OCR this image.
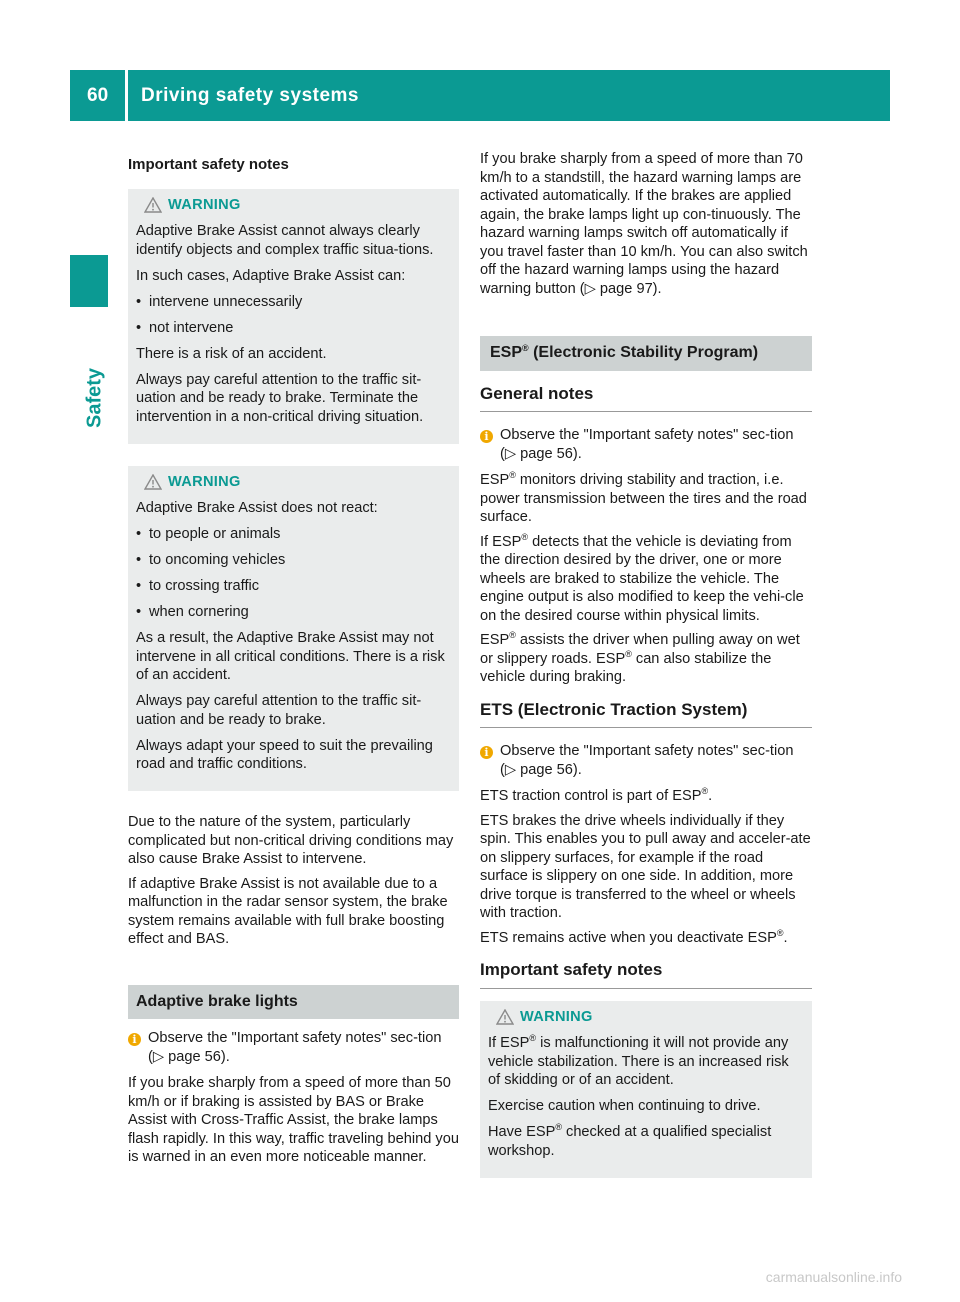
60	Driving safety systems
Safety
Important safety notes
WARNING

Adaptive Brake Assist cannot always clearly identify objects and complex traffic situa-tions.

In such cases, Adaptive Brake Assist can:

• intervene unnecessarily
• not intervene

There is a risk of an accident.

Always pay careful attention to the traffic sit-uation and be ready to brake. Terminate the intervention in a non-critical driving situation.

WARNING

Adaptive Brake Assist does not react:

• to people or animals
• to oncoming vehicles
• to crossing traffic
• when cornering

As a result, the Adaptive Brake Assist may not intervene in all critical conditions. There is a risk of an accident.

Always pay careful attention to the traffic sit-uation and be ready to brake.

Always adapt your speed to suit the prevailing road and traffic conditions.

Due to the nature of the system, particularly complicated but non-critical driving conditions may also cause Brake Assist to intervene.

If adaptive Brake Assist is not available due to a malfunction in the radar sensor system, the brake system remains available with full brake boosting effect and BAS.

Adaptive brake lights
i Observe the "Important safety notes" sec-tion (▷ page 56).

If you brake sharply from a speed of more than 50 km/h or if braking is assisted by BAS or Brake Assist with Cross-Traffic Assist, the brake lamps flash rapidly. In this way, traffic traveling behind you is warned in an even more noticeable manner.

If you brake sharply from a speed of more than 70 km/h to a standstill, the hazard warning lamps are activated automatically. If the brakes are applied again, the brake lamps light up con-tinuously. The hazard warning lamps switch off automatically if you travel faster than 10 km/h. You can also switch off the hazard warning lamps using the hazard warning button (▷ page 97).

ESP® (Electronic Stability Program)
General notes
i Observe the "Important safety notes" sec-tion (▷ page 56).

ESP® monitors driving stability and traction, i.e. power transmission between the tires and the road surface.

If ESP® detects that the vehicle is deviating from the direction desired by the driver, one or more wheels are braked to stabilize the vehicle. The engine output is also modified to keep the vehi-cle on the desired course within physical limits.

ESP® assists the driver when pulling away on wet or slippery roads. ESP® can also stabilize the vehicle during braking.

ETS (Electronic Traction System)
i Observe the "Important safety notes" sec-tion (▷ page 56).

ETS traction control is part of ESP®.

ETS brakes the drive wheels individually if they spin. This enables you to pull away and acceler-ate on slippery surfaces, for example if the road surface is slippery on one side. In addition, more drive torque is transferred to the wheel or wheels with traction.

ETS remains active when you deactivate ESP®.

Important safety notes
WARNING

If ESP® is malfunctioning it will not provide any vehicle stabilization. There is an increased risk of skidding or of an accident.

Exercise caution when continuing to drive.

Have ESP® checked at a qualified specialist workshop.

carmanualsonline.info
